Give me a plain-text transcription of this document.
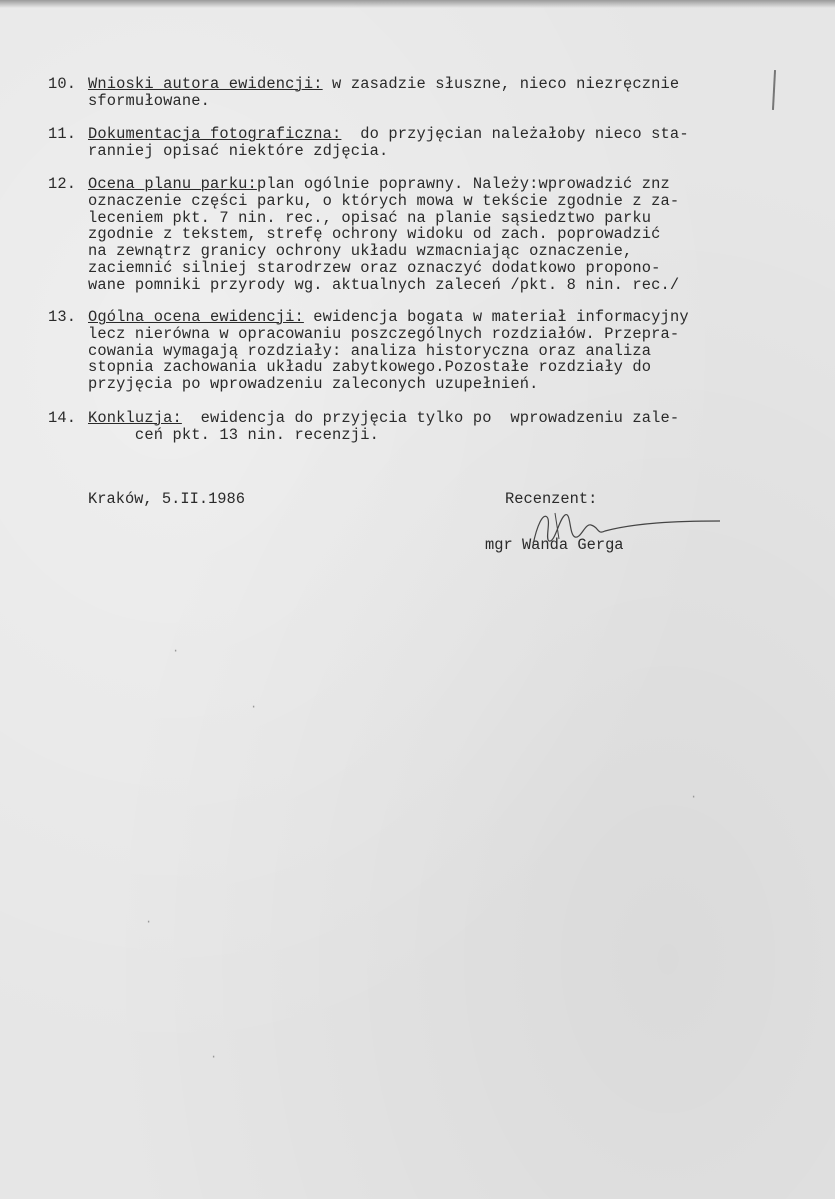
10. Wnioski autora ewidencji: w zasadzie słuszne, nieco niezręcznie
sformułowane.
11. Dokumentacja fotograficzna:  do przyjęcian należałoby nieco sta-
ranniej opisać niektóre zdjęcia.
12. Ocena planu parku:plan ogólnie poprawny. Należy:wprowadzić znz
oznaczenie części parku, o których mowa w tekście zgodnie z za-
leceniem pkt. 7 nin. rec., opisać na planie sąsiedztwo parku
zgodnie z tekstem, strefę ochrony widoku od zach. poprowadzić
na zewnątrz granicy ochrony układu wzmacniając oznaczenie,
zaciemnić silniej starodrzew oraz oznaczyć dodatkowo propono-
wane pomniki przyrody wg. aktualnych zaleceń /pkt. 8 nin. rec./
13. Ogólna ocena ewidencji: ewidencja bogata w materiał informacyjny
lecz nierówna w opracowaniu poszczególnych rozdziałów. Przepra-
cowania wymagają rozdziały: analiza historyczna oraz analiza
stopnia zachowania układu zabytkowego.Pozostałe rozdziały do
przyjęcia po wprowadzeniu zaleconych uzupełnień.
14. Konkluzja:  ewidencja do przyjęcia tylko po  wprowadzeniu zale-
ceń pkt. 13 nin. recenzji.
Kraków, 5.II.1986	Recenzent:
mgr Wanda Gerga
·
·
·
·
·
